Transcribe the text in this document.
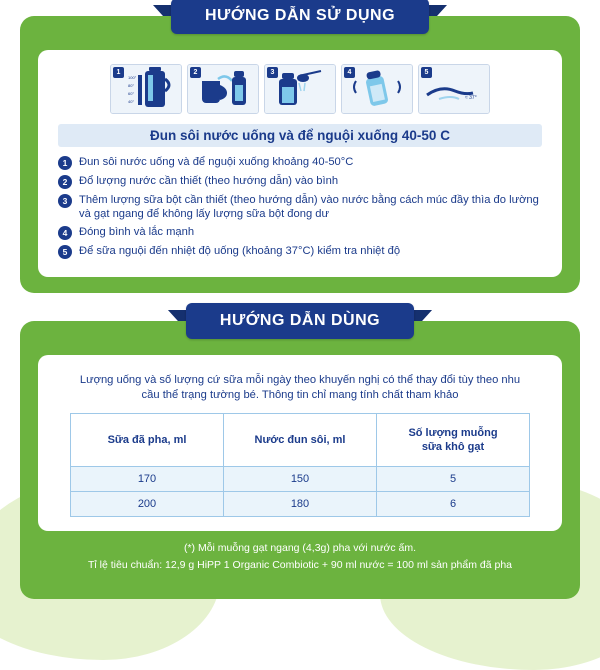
HƯỚNG DẪN SỬ DỤNG
1
100°
80°
60°
40°
2	3	4	5
≈ 37°
Đun sôi nước uống và để nguội xuống 40-50 C
1	Đun sôi nước uống và để nguội xuống khoảng 40-50°C
2	Đổ lượng nước cần thiết (theo hướng dẫn) vào bình
3	Thêm lượng sữa bột cần thiết (theo hướng dẫn) vào nước bằng cách múc đầy thìa đo lường và gạt ngang để không lấy lượng sữa bột đong dư
4	Đóng bình và lắc mạnh
5	Để sữa nguội đến nhiệt độ uống (khoảng 37°C) kiểm tra nhiệt độ
HƯỚNG DẪN DÙNG
Lượng uống và số lượng cứ sữa mỗi ngày theo khuyến nghị có thể thay đổi tùy theo nhu cầu thể trạng tường bé. Thông tin chỉ mang tính chất tham khảo
Sữa đã pha, ml	Nước đun sôi, ml	Số lượng muỗng
sữa khô gạt
170	150	5
200	180	6
(*) Mỗi muỗng gạt ngang (4,3g) pha với nước ấm.
Tỉ lệ tiêu chuẩn: 12,9 g HiPP 1 Organic Combiotic + 90 ml nước = 100 ml sản phẩm đã pha
